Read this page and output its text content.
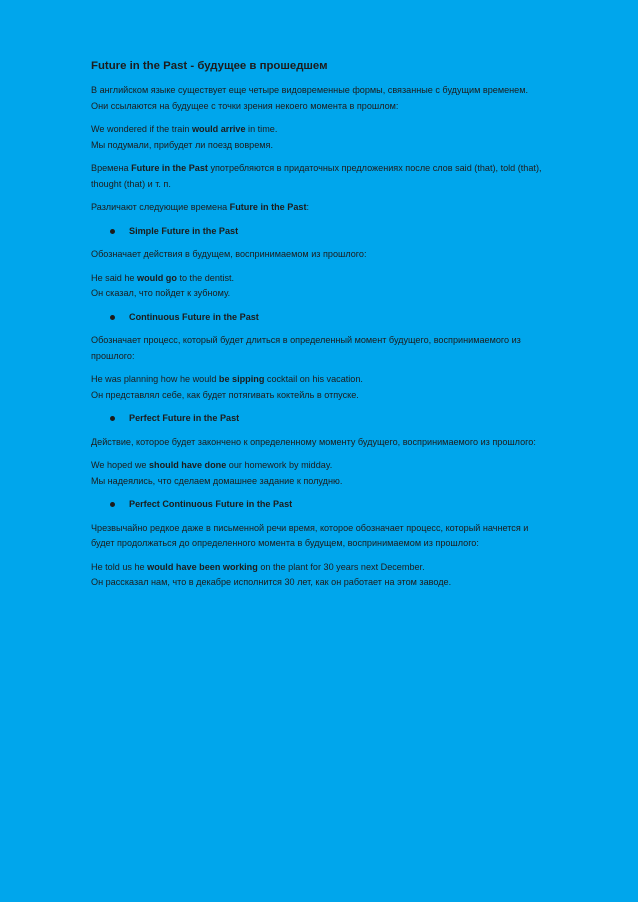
Future in the Past - будущее в прошедшем

В английском языке существует еще четыре видовременные формы, связанные с будущим временем.
Они ссылаются на будущее с точки зрения некоего момента в прошлом:

We wondered if the train would arrive in time.
Мы подумали, прибудет ли поезд вовремя.

Времена Future in the Past употребляются в придаточных предложениях после слов said (that), told (that),
thought (that) и т. п.

Различают следующие времена Future in the Past:

Simple Future in the Past

Обозначает действия в будущем, воспринимаемом из прошлого:

He said he would go to the dentist.
Он сказал, что пойдет к зубному.

Continuous Future in the Past

Обозначает процесс, который будет длиться в определенный момент будущего, воспринимаемого из
прошлого:

He was planning how he would be sipping cocktail on his vacation.
Он представлял себе, как будет потягивать коктейль в отпуске.

Perfect Future in the Past

Действие, которое будет закончено к определенному моменту будущего, воспринимаемого из прошлого:

We hoped we should have done our homework by midday.
Мы надеялись, что сделаем домашнее задание к полудню.

Perfect Continuous Future in the Past

Чрезвычайно редкое даже в письменной речи время, которое обозначает процесс, который начнется и
будет продолжаться до определенного момента в будущем, воспринимаемом из прошлого:

He told us he would have been working on the plant for 30 years next December.
Он рассказал нам, что в декабре исполнится 30 лет, как он работает на этом заводе.
